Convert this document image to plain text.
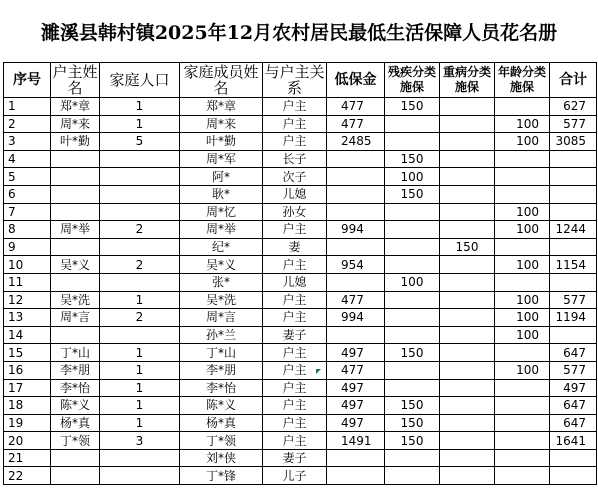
濉溪县韩村镇2025年12月农村居民最低生活保障人员花名册
序号	户主姓名	家庭人口	家庭成员姓名	与户主关系	低保金	残疾分类施保	重病分类施保	年龄分类施保	合计
1	郑*章	1	郑*章	户主	477	150			627
2	周*来	1	周*来	户主	477			100	577
3	叶*勤	5	叶*勤	户主	2485			100	3085
4			周*军	长子		150			
5			阿*	次子		100			
6			耿*	儿媳		150			
7			周*忆	孙女				100	
8	周*举	2	周*举	户主	994			100	1244
9			纪*	妻			150		
10	吴*义	2	吴*义	户主	954			100	1154
11			张*	儿媳		100			
12	吴*洗	1	吴*洗	户主	477			100	577
13	周*言	2	周*言	户主	994			100	1194
14			孙*兰	妻子				100	
15	丁*山	1	丁*山	户主	497	150			647
16	李*朋	1	李*朋	户主	477			100	577
17	李*怡	1	李*怡	户主	497				497
18	陈*义	1	陈*义	户主	497	150			647
19	杨*真	1	杨*真	户主	497	150			647
20	丁*领	3	丁*领	户主	1491	150			1641
21			刘*侠	妻子					
22			丁*锋	儿子					
